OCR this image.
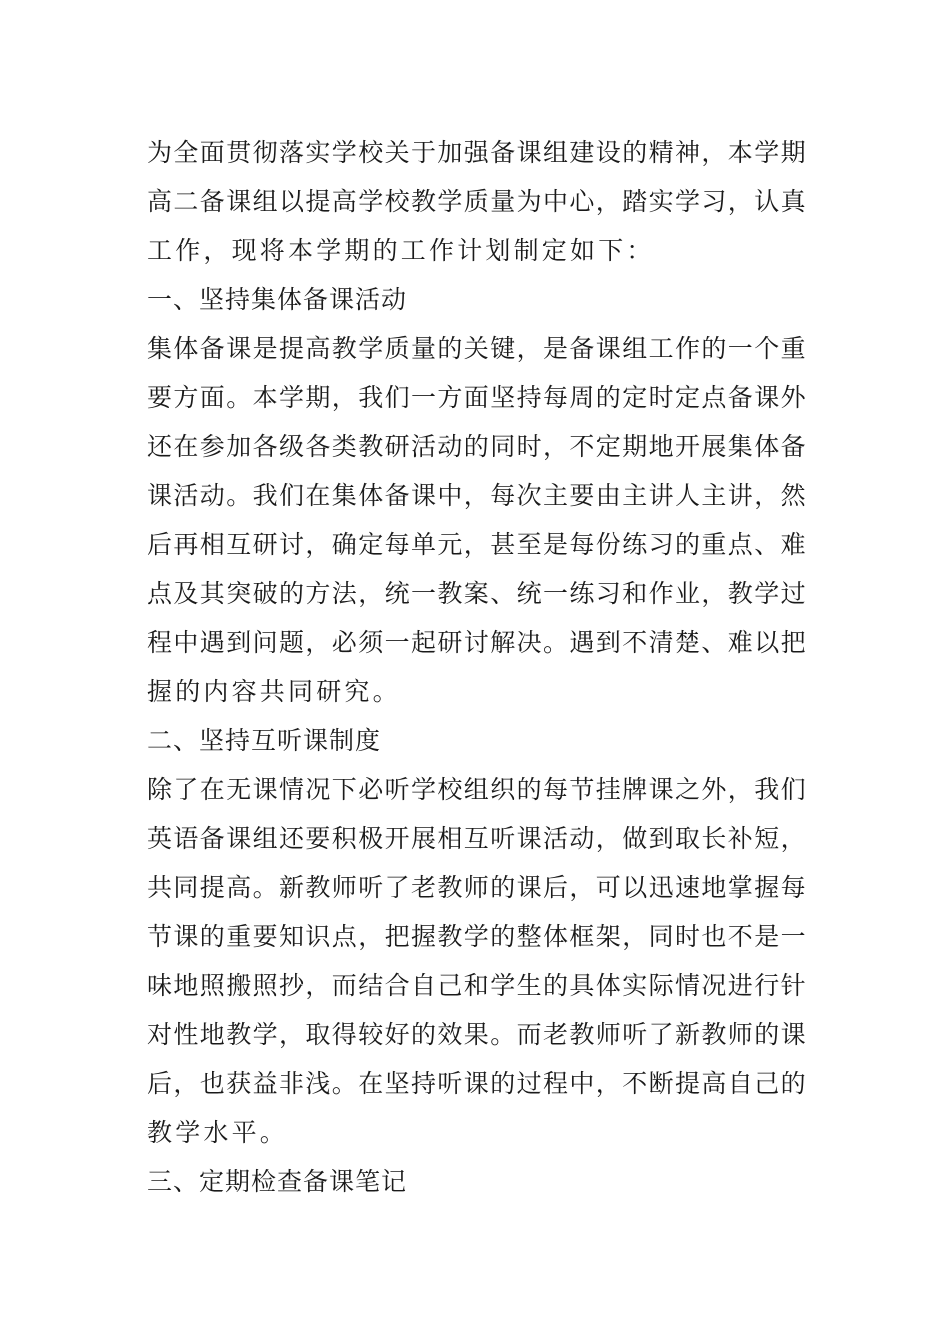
为全面贯彻落实学校关于加强备课组建设的精神，本学期
高二备课组以提高学校教学质量为中心，踏实学习，认真
工作，现将本学期的工作计划制定如下：
一、坚持集体备课活动
集体备课是提高教学质量的关键，是备课组工作的一个重
要方面。本学期，我们一方面坚持每周的定时定点备课外
还在参加各级各类教研活动的同时，不定期地开展集体备
课活动。我们在集体备课中，每次主要由主讲人主讲，然
后再相互研讨，确定每单元，甚至是每份练习的重点、难
点及其突破的方法，统一教案、统一练习和作业，教学过
程中遇到问题，必须一起研讨解决。遇到不清楚、难以把
握的内容共同研究。
二、坚持互听课制度
除了在无课情况下必听学校组织的每节挂牌课之外，我们
英语备课组还要积极开展相互听课活动，做到取长补短，
共同提高。新教师听了老教师的课后，可以迅速地掌握每
节课的重要知识点，把握教学的整体框架，同时也不是一
味地照搬照抄，而结合自己和学生的具体实际情况进行针
对性地教学，取得较好的效果。而老教师听了新教师的课
后，也获益非浅。在坚持听课的过程中，不断提高自己的
教学水平。
三、定期检查备课笔记
